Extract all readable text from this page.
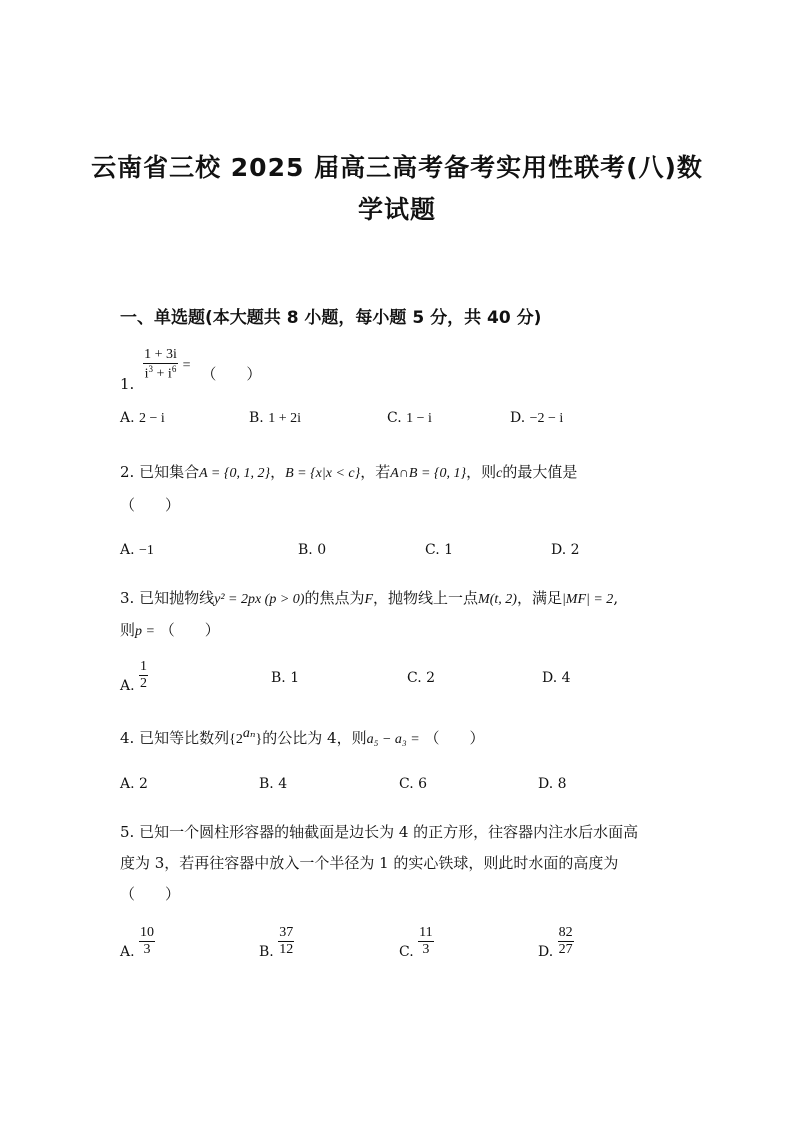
云南省三校 2025 届高三高考备考实用性联考(八)数
学试题
一、单选题(本大题共 8 小题，每小题 5 分，共 40 分)
1.
$\frac{1 + 3i}{i^3 + i^6}$ = （　　）
A. 2 − i	B. 1 + 2i	C. 1 − i	D. −2 − i
2. 已知集合A = {0, 1, 2}，B = {x|x < c}，若A∩B = {0, 1}，则c的最大值是
（　　）
A. −1	B. 0	C. 1	D. 2
3. 已知抛物线y² = 2px (p > 0)的焦点为F，抛物线上一点M(t, 2)，满足|MF| = 2,
则p = （　　）
A. $\frac{1}{2}$	B. 1	C. 2	D. 4
4. 已知等比数列$\{2^{a_n}\}$的公比为 4，则a₅ − a₃ = （　　）
A. 2	B. 4	C. 6	D. 8
5. 已知一个圆柱形容器的轴截面是边长为 4 的正方形，往容器内注水后水面高
度为 3，若再往容器中放入一个半径为 1 的实心铁球，则此时水面的高度为
（　　）
A. $\frac{10}{3}$	B. $\frac{37}{12}$	C. $\frac{11}{3}$	D. $\frac{82}{27}$
